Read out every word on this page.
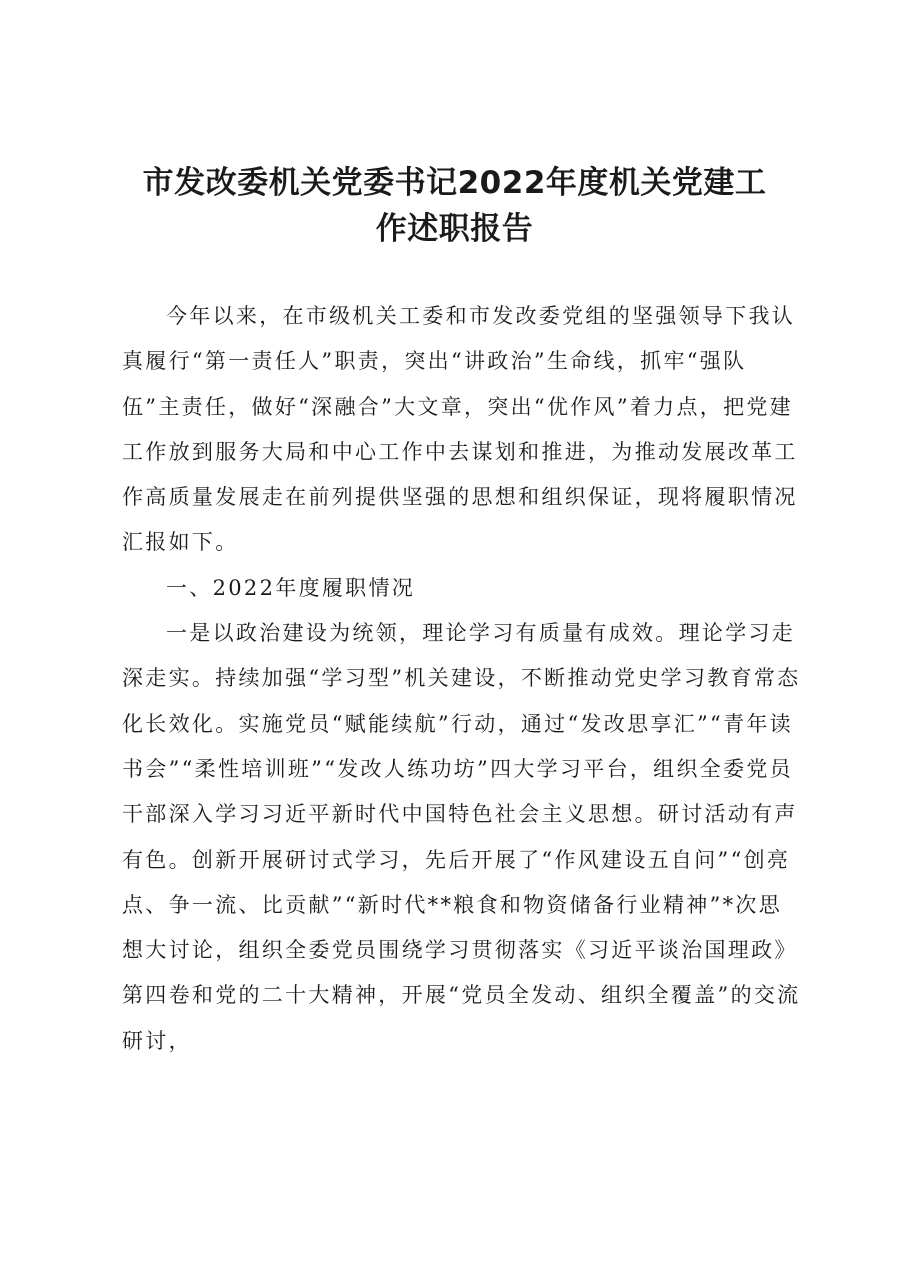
市发改委机关党委书记2022年度机关党建工
作述职报告

今年以来，在市级机关工委和市发改委党组的坚强领导下我认真履行“第一责任人”职责，突出“讲政治”生命线，抓牢“强队伍”主责任，做好“深融合”大文章，突出“优作风”着力点，把党建工作放到服务大局和中心工作中去谋划和推进，为推动发展改革工作高质量发展走在前列提供坚强的思想和组织保证，现将履职情况汇报如下。

一、2022年度履职情况

一是以政治建设为统领，理论学习有质量有成效。理论学习走深走实。持续加强“学习型”机关建设，不断推动党史学习教育常态化长效化。实施党员“赋能续航”行动，通过“发改思享汇”“青年读书会”“柔性培训班”“发改人练功坊”四大学习平台，组织全委党员干部深入学习习近平新时代中国特色社会主义思想。研讨活动有声有色。创新开展研讨式学习，先后开展了“作风建设五自问”“创亮点、争一流、比贡献”“新时代**粮食和物资储备行业精神”*次思想大讨论，组织全委党员围绕学习贯彻落实《习近平谈治国理政》第四卷和党的二十大精神，开展“党员全发动、组织全覆盖”的交流研讨，
